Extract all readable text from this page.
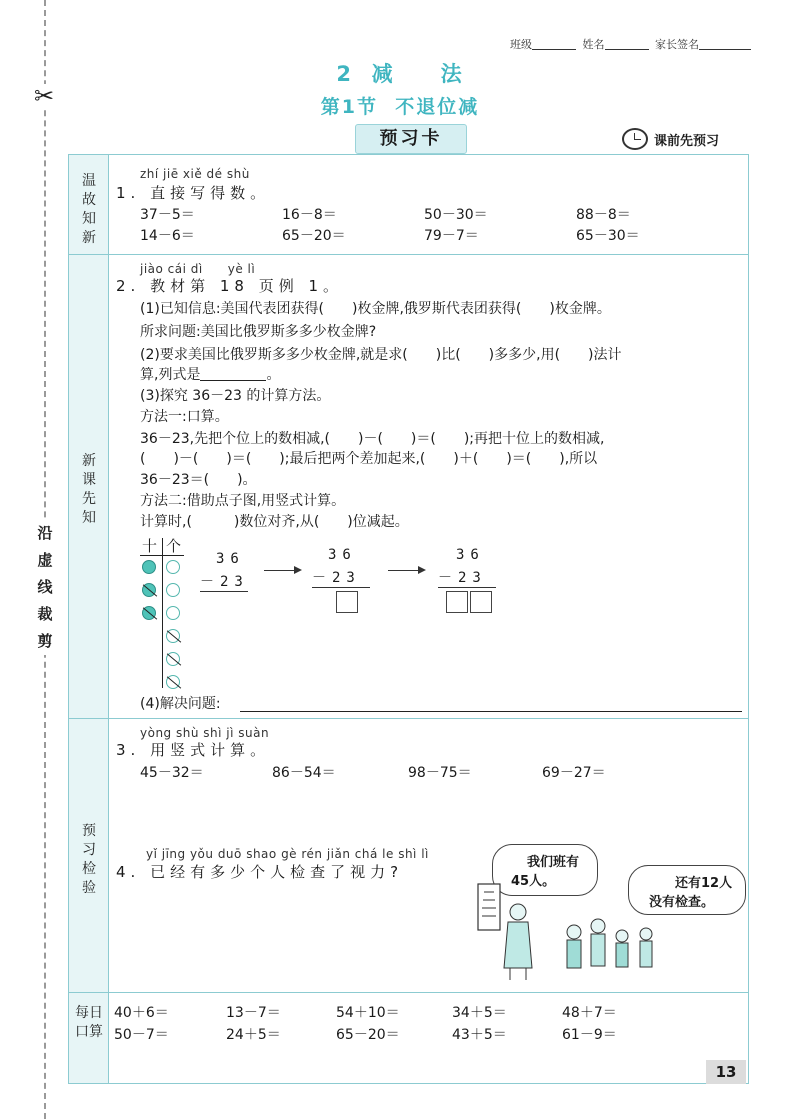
✂
沿
虚
线
裁
剪
班级	姓名	家长签名
2 减　　法
第1节 不退位减
预习卡	课前先预习
温
故
知
新
新
课
先
知
预
习
检
验
每日
口算
zhí jiē xiě dé shù
1. 直接写得数。
37－5＝	16－8＝	50－30＝	88－8＝
14－6＝	65－20＝	79－7＝	65－30＝
jiào cái dì　　yè lì
2. 教材第 18 页例 1。
(1)已知信息:美国代表团获得(　　)枚金牌,俄罗斯代表团获得(　　)枚金牌。
所求问题:美国比俄罗斯多多少枚金牌?
(2)要求美国比俄罗斯多多少枚金牌,就是求(　　)比(　　)多多少,用(　　)法计
算,列式是	。
(3)探究 36－23 的计算方法。
方法一:口算。
36－23,先把个位上的数相减,(　　)－(　　)＝(　　);再把十位上的数相减,
(　　)－(　　)＝(　　);最后把两个差加起来,(　　)＋(　　)＝(　　),所以
36－23＝(　　)。
方法二:借助点子图,用竖式计算。
计算时,(　　　)数位对齐,从(　　)位减起。
十 个
36
－23
36
－23
36
－23
(4)解决问题:
yòng shù shì jì suàn
3. 用竖式计算。
45－32＝	86－54＝	98－75＝	69－27＝
yǐ jīng yǒu duō shao gè rén jiǎn chá le shì lì
4. 已经有多少个人检查了视力?
我们班有
45人。	还有12人
没有检查。
40＋6＝	13－7＝	54＋10＝	34＋5＝	48＋7＝
50－7＝	24＋5＝	65－20＝	43＋5＝	61－9＝
13
